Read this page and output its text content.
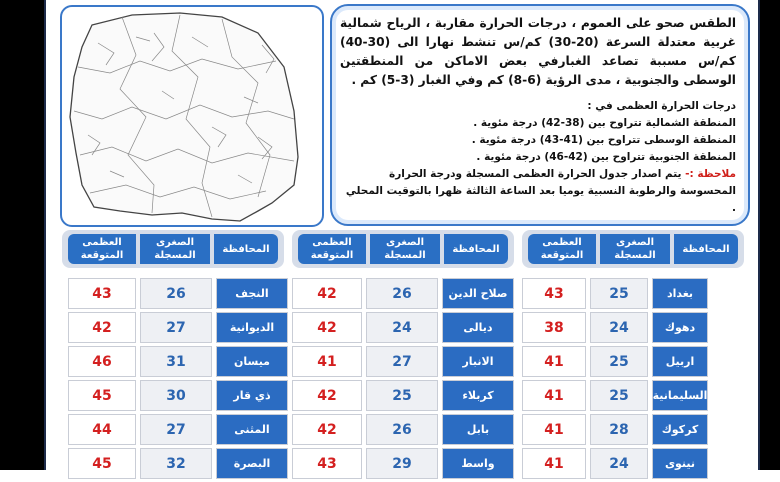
الطقس صحو على العموم ، درجات الحرارة مقاربة ، الرياح شمالية غربية معتدلة السرعة (20-30) كم/س تنشط نهارا الى (30-40) كم/س مسببة تصاعد الغبارفي بعض الاماكن من المنطقتين الوسطى والجنوبية ، مدى الرؤية (6-8) كم وفي الغبار (3-5) كم .
درجات الحرارة العظمى في :
المنطقة الشمالية تتراوح بين (38-42) درجة مئوية .
المنطقة الوسطى تتراوح بين (41-43) درجة مئوية .
المنطقة الجنوبية تتراوح بين (42-46) درجة مئوية .
ملاحظة :- يتم اصدار جدول الحرارة العظمى المسجلة ودرجة الحرارة المحسوسة والرطوبة النسبية يوميا بعد الساعة الثالثة ظهرا بالتوقيت المحلي .
المحافظة
الصغرى المسجلة
العظمى المتوقعة
المحافظة
الصغرى المسجلة
العظمى المتوقعة
المحافظة
الصغرى المسجلة
العظمى المتوقعة
بغداد
25
43
صلاح الدين
26
42
النجف
26
43
دهوك
24
38
ديالى
24
42
الديوانية
27
42
اربيل
25
41
الانبار
27
41
ميسان
31
46
السليمانية
25
41
كربلاء
25
42
ذي قار
30
45
كركوك
28
41
بابل
26
42
المثنى
27
44
نينوى
24
41
واسط
29
43
البصرة
32
45
